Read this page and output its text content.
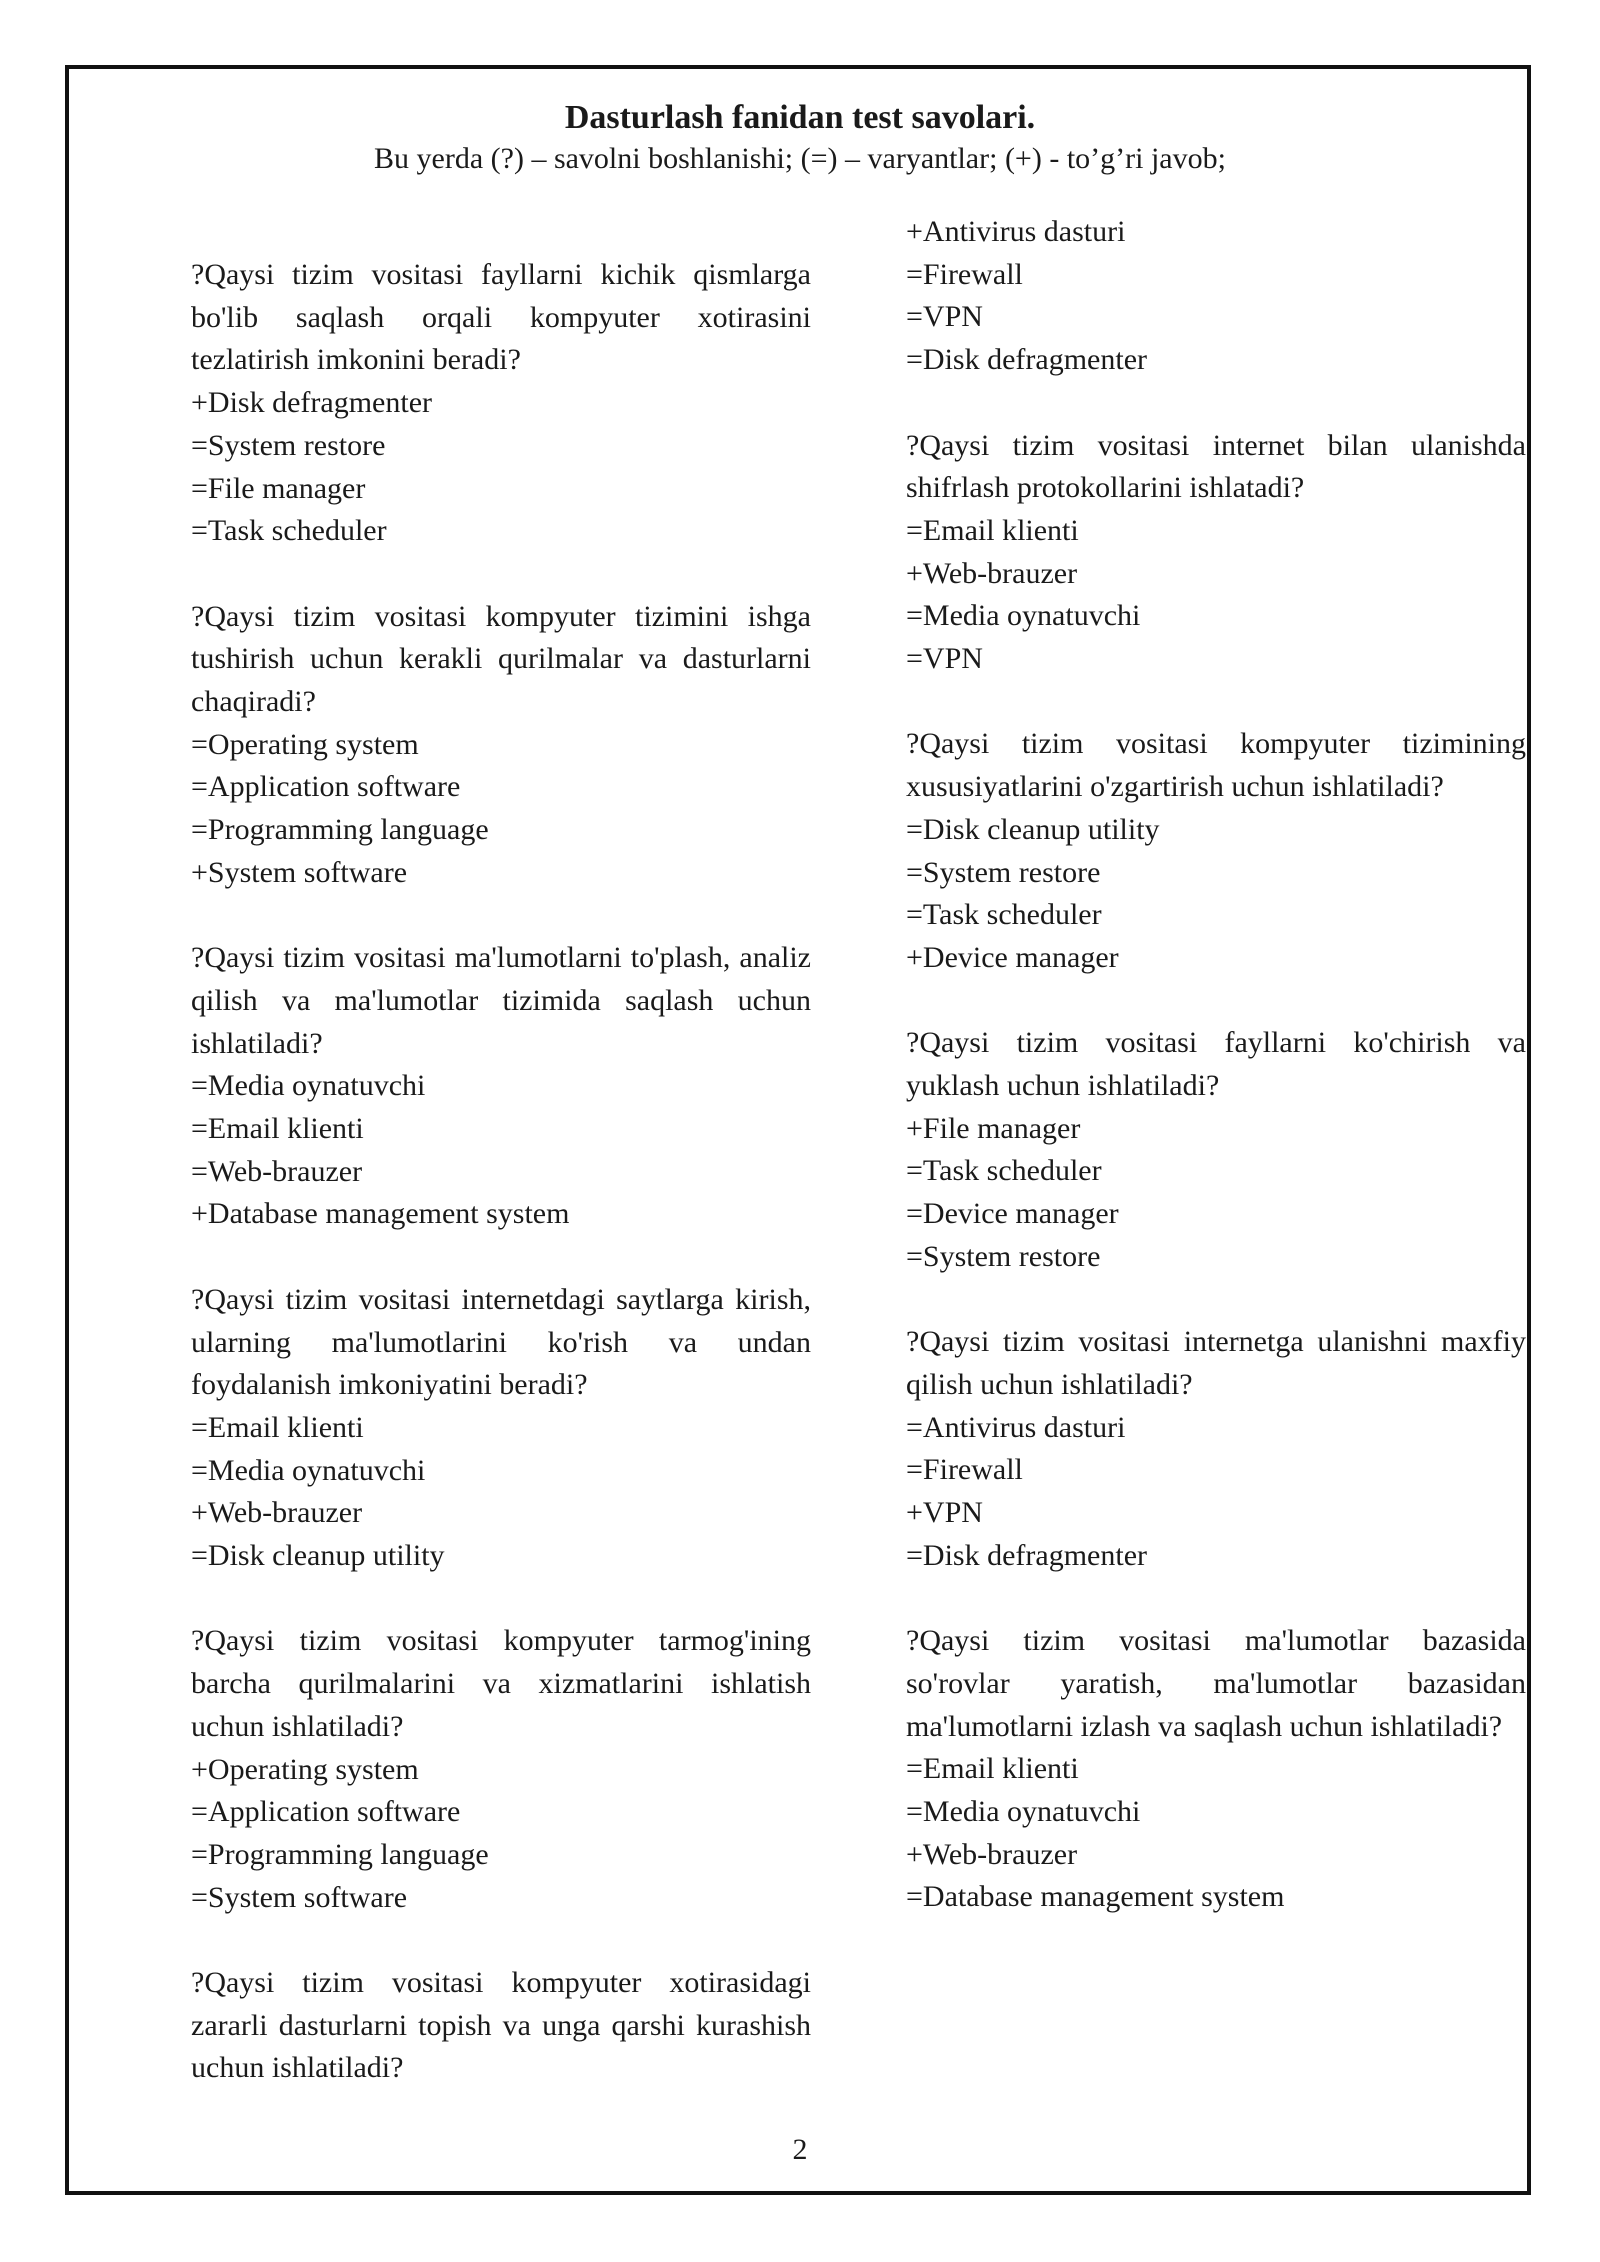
Dasturlash fanidan test savolari.

Bu yerda (?) – savolni boshlanishi; (=) – varyantlar; (+) - to’g’ri javob;

?Qaysi tizim vositasi fayllarni kichik qismlarga bo'lib saqlash orqali kompyuter xotirasini tezlatirish imkonini beradi?
+Disk defragmenter
=System restore
=File manager
=Task scheduler
?Qaysi tizim vositasi kompyuter tizimini ishga tushirish uchun kerakli qurilmalar va dasturlarni chaqiradi?
=Operating system
=Application software
=Programming language
+System software
?Qaysi tizim vositasi ma'lumotlarni to'plash, analiz qilish va ma'lumotlar tizimida saqlash uchun ishlatiladi?
=Media oynatuvchi
=Email klienti
=Web-brauzer
+Database management system
?Qaysi tizim vositasi internetdagi saytlarga kirish, ularning ma'lumotlarini ko'rish va undan foydalanish imkoniyatini beradi?
=Email klienti
=Media oynatuvchi
+Web-brauzer
=Disk cleanup utility
?Qaysi tizim vositasi kompyuter tarmog'ining barcha qurilmalarini va xizmatlarini ishlatish uchun ishlatiladi?
+Operating system
=Application software
=Programming language
=System software
?Qaysi tizim vositasi kompyuter xotirasidagi zararli dasturlarni topish va unga qarshi kurashish uchun ishlatiladi?
+Antivirus dasturi
=Firewall
=VPN
=Disk defragmenter
?Qaysi tizim vositasi internet bilan ulanishda shifrlash protokollarini ishlatadi?
=Email klienti
+Web-brauzer
=Media oynatuvchi
=VPN
?Qaysi tizim vositasi kompyuter tizimining xususiyatlarini o'zgartirish uchun ishlatiladi?
=Disk cleanup utility
=System restore
=Task scheduler
+Device manager
?Qaysi tizim vositasi fayllarni ko'chirish va yuklash uchun ishlatiladi?
+File manager
=Task scheduler
=Device manager
=System restore
?Qaysi tizim vositasi internetga ulanishni maxfiy qilish uchun ishlatiladi?
=Antivirus dasturi
=Firewall
+VPN
=Disk defragmenter
?Qaysi tizim vositasi ma'lumotlar bazasida so'rovlar yaratish, ma'lumotlar bazasidan ma'lumotlarni izlash va saqlash uchun ishlatiladi?
=Email klienti
=Media oynatuvchi
+Web-brauzer
=Database management system
2
